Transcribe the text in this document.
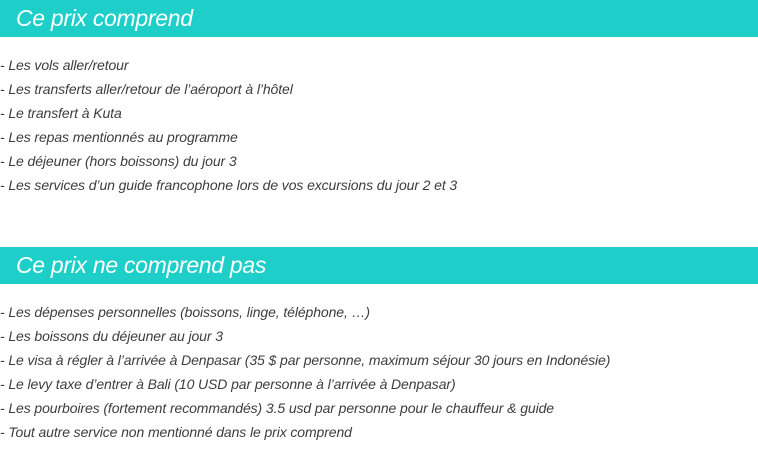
Ce prix comprend
- Les vols aller/retour
- Les transferts aller/retour de l’aéroport à l’hôtel
- Le transfert à Kuta
- Les repas mentionnés au programme
- Le déjeuner (hors boissons) du jour 3
- Les services d’un guide francophone lors de vos excursions du jour 2 et 3
Ce prix ne comprend pas
- Les dépenses personnelles (boissons, linge, téléphone, …)
- Les boissons du déjeuner au jour 3
- Le visa à régler à l’arrivée à Denpasar (35 $ par personne, maximum séjour 30 jours en Indonésie)
- Le levy taxe d’entrer à Bali (10 USD par personne à l’arrivée à Denpasar)
- Les pourboires (fortement recommandés) 3.5 usd par personne pour le chauffeur & guide
- Tout autre service non mentionné dans le prix comprend
